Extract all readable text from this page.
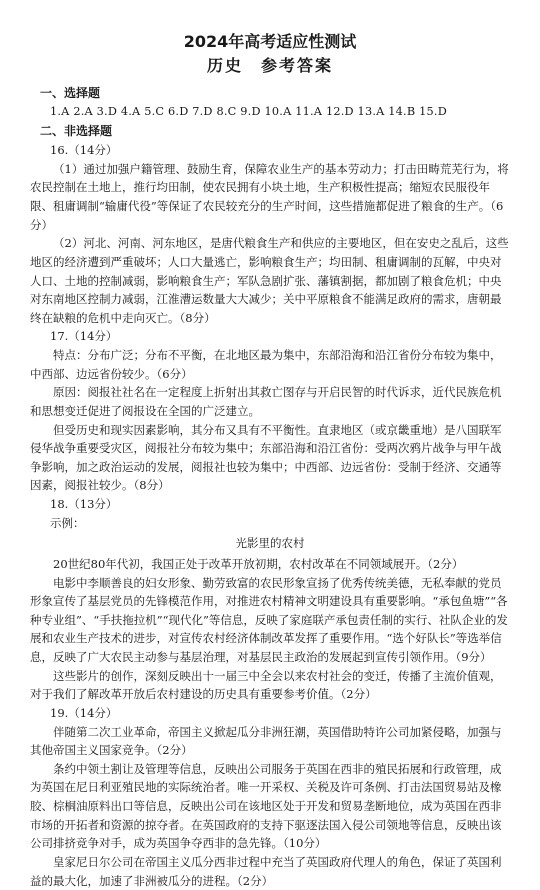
2024年高考适应性测试

历史　参考答案

一、选择题

1.A 2.A 3.D 4.A 5.C 6.D 7.D 8.C 9.D 10.A 11.A 12.D 13.A 14.B 15.D

二、非选择题

16.（14分）

（1）通过加强户籍管理、鼓励生育，保障农业生产的基本劳动力；打击田畴荒芜行为，将农民控制在土地上，推行均田制，使农民拥有小块土地，生产积极性提高；缩短农民服役年限、租庸调制“输庸代役”等保证了农民较充分的生产时间，这些措施都促进了粮食的生产。（6分）

（2）河北、河南、河东地区，是唐代粮食生产和供应的主要地区，但在安史之乱后，这些地区的经济遭到严重破坏；人口大量逃亡，影响粮食生产；均田制、租庸调制的瓦解，中央对人口、土地的控制减弱，影响粮食生产；军队急剧扩张、藩镇割据，都加剧了粮食危机；中央对东南地区控制力减弱，江淮漕运数量大大减少；关中平原粮食不能满足政府的需求，唐朝最终在缺粮的危机中走向灭亡。（8分）

17.（14分）

特点：分布广泛；分布不平衡，在北地区最为集中，东部沿海和沿江省份分布较为集中，中西部、边远省份较少。（6分）

原因：阅报社社名在一定程度上折射出其救亡图存与开启民智的时代诉求，近代民族危机和思想变迁促进了阅报设在全国的广泛建立。

但受历史和现实因素影响，其分布又具有不平衡性。直隶地区（或京畿重地）是八国联军侵华战争重要受灾区，阅报社分布较为集中；东部沿海和沿江省份：受两次鸦片战争与甲午战争影响，加之政治运动的发展，阅报社也较为集中；中西部、边远省份：受制于经济、交通等因素，阅报社较少。（8分）

18.（13分）

示例：

光影里的农村

20世纪80年代初，我国正处于改革开放初期，农村改革在不同领域展开。（2分）

电影中李顺善良的妇女形象、勤劳致富的农民形象宣扬了优秀传统美德，无私奉献的党员形象宣传了基层党员的先锋模范作用，对推进农村精神文明建设具有重要影响。“承包鱼塘”“各种专业组”、“手扶拖拉机”“现代化”等信息，反映了家庭联产承包责任制的实行、社队企业的发展和农业生产技术的进步，对宣传农村经济体制改革发挥了重要作用。“选个好队长”等选举信息，反映了广大农民主动参与基层治理，对基层民主政治的发展起到宣传引领作用。（9分）

这些影片的创作，深刻反映出十一届三中全会以来农村社会的变迁，传播了主流价值观，对于我们了解改革开放后农村建设的历史具有重要参考价值。（2分）

19.（14分）

伴随第二次工业革命，帝国主义掀起瓜分非洲狂潮，英国借助特许公司加紧侵略，加强与其他帝国主义国家竞争。（2分）

条约中领土割让及管理等信息，反映出公司服务于英国在西非的殖民拓展和行政管理，成为英国在尼日利亚殖民地的实际统治者。唯一开采权、关税及许可条例、打击法国贸易站及橡胶、棕榈油原料出口等信息，反映出公司在该地区处于开发和贸易垄断地位，成为英国在西非市场的开拓者和资源的掠夺者。在英国政府的支持下驱逐法国入侵公司领地等信息，反映出该公司排挤竞争对手，成为英国争夺西非的急先锋。（10分）

皇家尼日尔公司在帝国主义瓜分西非过程中充当了英国政府代理人的角色，保证了英国利益的最大化，加速了非洲被瓜分的进程。（2分）
